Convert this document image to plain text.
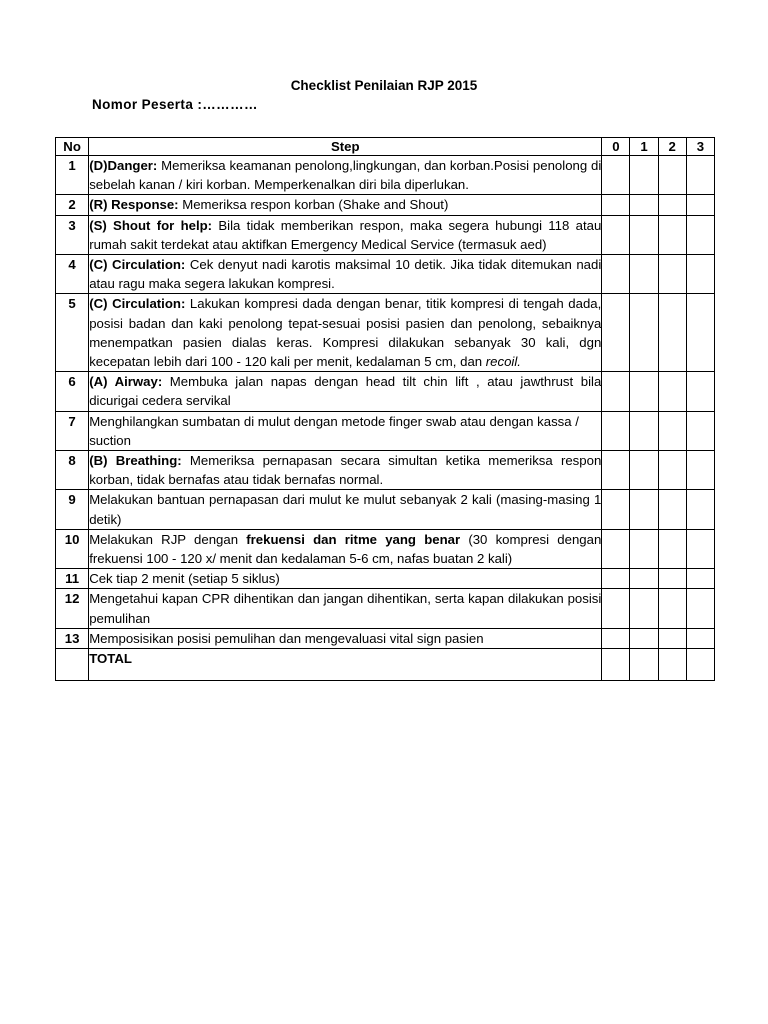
Checklist Penilaian RJP 2015
Nomor Peserta :…………
No	Step	0	1	2	3
1	(D)Danger: Memeriksa keamanan penolong,lingkungan, dan korban.Posisi penolong di sebelah kanan / kiri korban. Memperkenalkan diri bila diperlukan.				
2	(R) Response: Memeriksa respon korban (Shake and Shout)				
3	(S) Shout for help: Bila tidak memberikan respon, maka segera hubungi 118 atau rumah sakit terdekat atau aktifkan Emergency Medical Service (termasuk aed)				
4	(C) Circulation: Cek denyut nadi karotis maksimal 10 detik. Jika tidak ditemukan nadi atau ragu maka segera lakukan kompresi.				
5	(C) Circulation: Lakukan kompresi dada dengan benar, titik kompresi di tengah dada, posisi badan dan kaki penolong tepat-sesuai posisi pasien dan penolong, sebaiknya menempatkan pasien dialas keras. Kompresi dilakukan sebanyak 30 kali, dgn kecepatan lebih dari 100 - 120 kali per menit, kedalaman 5 cm, dan recoil.				
6	(A) Airway: Membuka jalan napas dengan head tilt chin lift , atau jawthrust bila dicurigai cedera servikal				
7	Menghilangkan sumbatan di mulut dengan metode finger swab atau dengan kassa / suction				
8	(B) Breathing: Memeriksa pernapasan secara simultan ketika memeriksa respon korban, tidak bernafas atau tidak bernafas normal.				
9	Melakukan bantuan pernapasan dari mulut ke mulut sebanyak 2 kali (masing-masing 1 detik)				
10	Melakukan RJP dengan frekuensi dan ritme yang benar (30 kompresi dengan frekuensi 100 - 120 x/ menit dan kedalaman 5-6 cm, nafas buatan 2 kali)				
11	Cek tiap 2 menit (setiap 5 siklus)				
12	Mengetahui kapan CPR dihentikan dan jangan dihentikan, serta kapan dilakukan posisi pemulihan				
13	Memposisikan posisi pemulihan dan mengevaluasi vital sign pasien				
	TOTAL				
